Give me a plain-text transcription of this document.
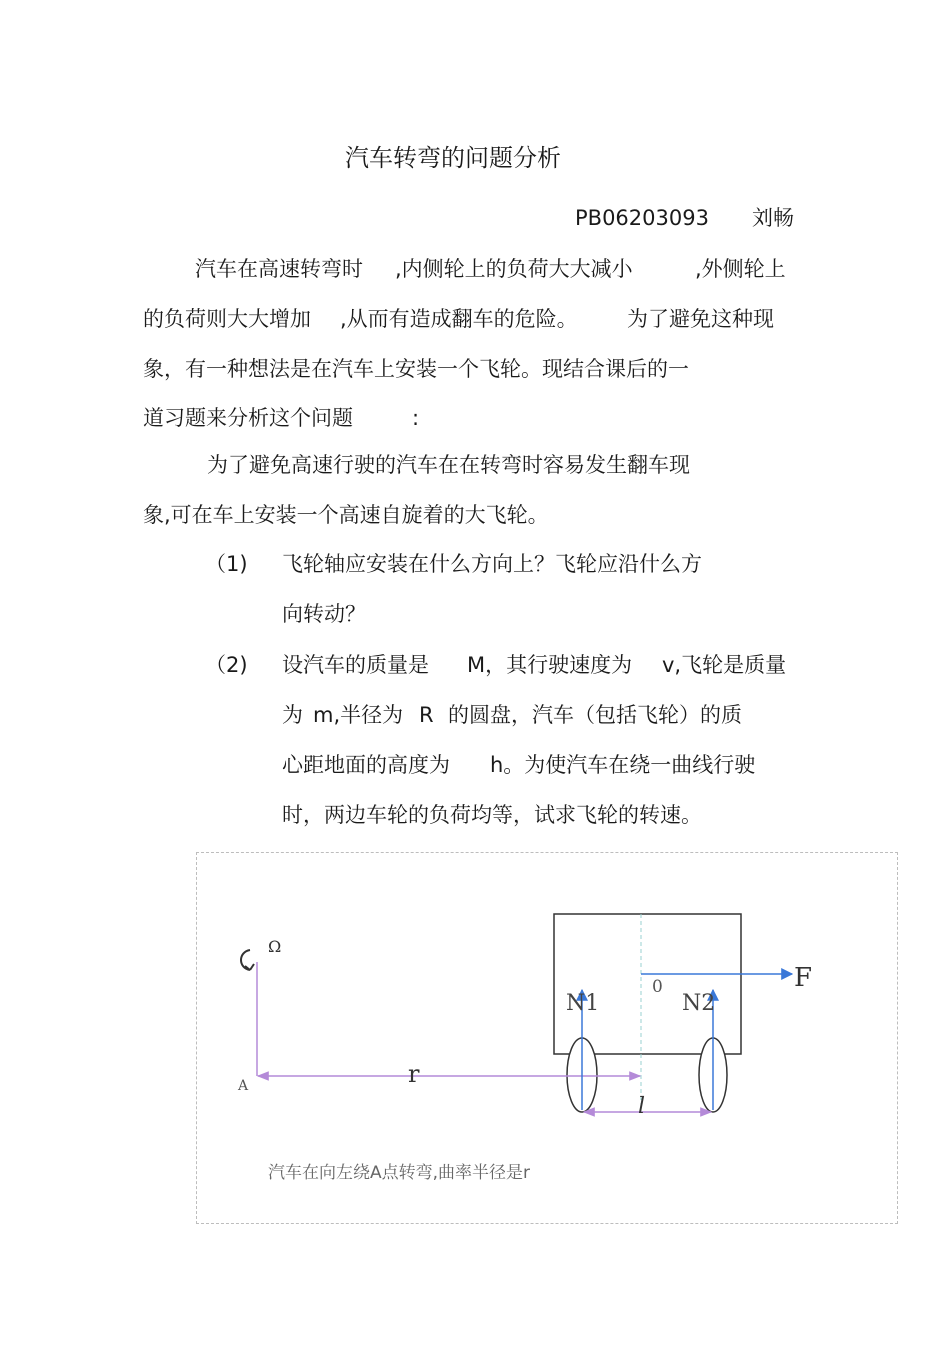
汽车转弯的问题分析
PB06203093 刘畅
汽车在高速转弯时 ,内侧轮上的负荷大大减小	,外侧轮上
的负荷则大大增加 ,从而有造成翻车的危险。 为了避免这种现
象，有一种想法是在汽车上安装一个飞轮。现结合课后的一
道习题来分析这个问题	:
为了避免高速行驶的汽车在在转弯时容易发生翻车现
象,可在车上安装一个高速自旋着的大飞轮。
（1) 飞轮轴应安装在什么方向上？飞轮应沿什么方
向转动？
（2) 设汽车的质量是 M，其行驶速度为 v,飞轮是质量
为 m,半径为 R 的圆盘，汽车（包括飞轮）的质
心距地面的高度为 h。为使汽车在绕一曲线行驶
时，两边车轮的负荷均等，试求飞轮的转速。
Ω
A	r
0	F
N1	N2
l
汽车在向左绕A点转弯,曲率半径是r
